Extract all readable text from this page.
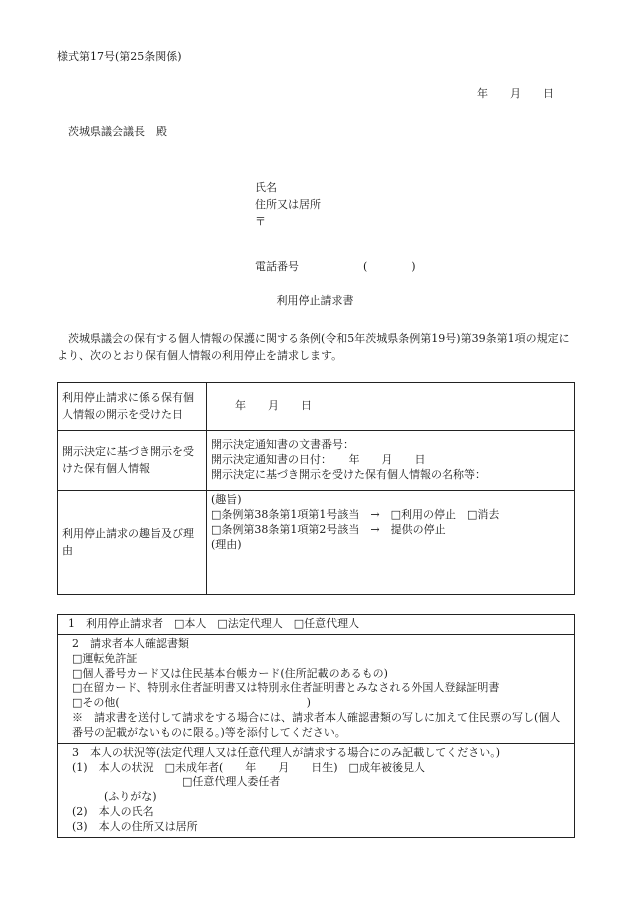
様式第17号(第25条関係)
年 月 日
茨城県議会議長　殿
氏名
住所又は居所
〒
電話番号	(	)
利用停止請求書
茨城県議会の保有する個人情報の保護に関する条例(令和5年茨城県条例第19号)第39条第1項の規定により、次のとおり保有個人情報の利用停止を請求します。
利用停止請求に係る保有個人情報の開示を受けた日	年　　月　　日
開示決定に基づき開示を受けた保有個人情報	開示決定通知書の文書番号：
開示決定通知書の日付：　　年　　月　　日
開示決定に基づき開示を受けた保有個人情報の名称等：

利用停止請求の趣旨及び理由	(趣旨)
□条例第38条第1項第1号該当　→　□利用の停止　□消去
□条例第38条第1項第2号該当　→　提供の停止
(理由)
1　利用停止請求者　□本人　□法定代理人　□任意代理人

2　請求者本人確認書類
□運転免許証
□個人番号カード又は住民基本台帳カード(住所記載のあるもの)
□在留カード、特別永住者証明書又は特別永住者証明書とみなされる外国人登録証明書
□その他(　　　　　　　　　　　　　　　　　)
※　請求書を送付して請求をする場合には、請求者本人確認書類の写しに加えて住民票の写し(個人番号の記載がないものに限る。)等を添付してください。

3　本人の状況等(法定代理人又は任意代理人が請求する場合にのみ記載してください。)
(1)　本人の状況　□未成年者(　　年　　月　　日生)　□成年被後見人
□任意代理人委任者
(ふりがな)
(2)　本人の氏名
(3)　本人の住所又は居所
